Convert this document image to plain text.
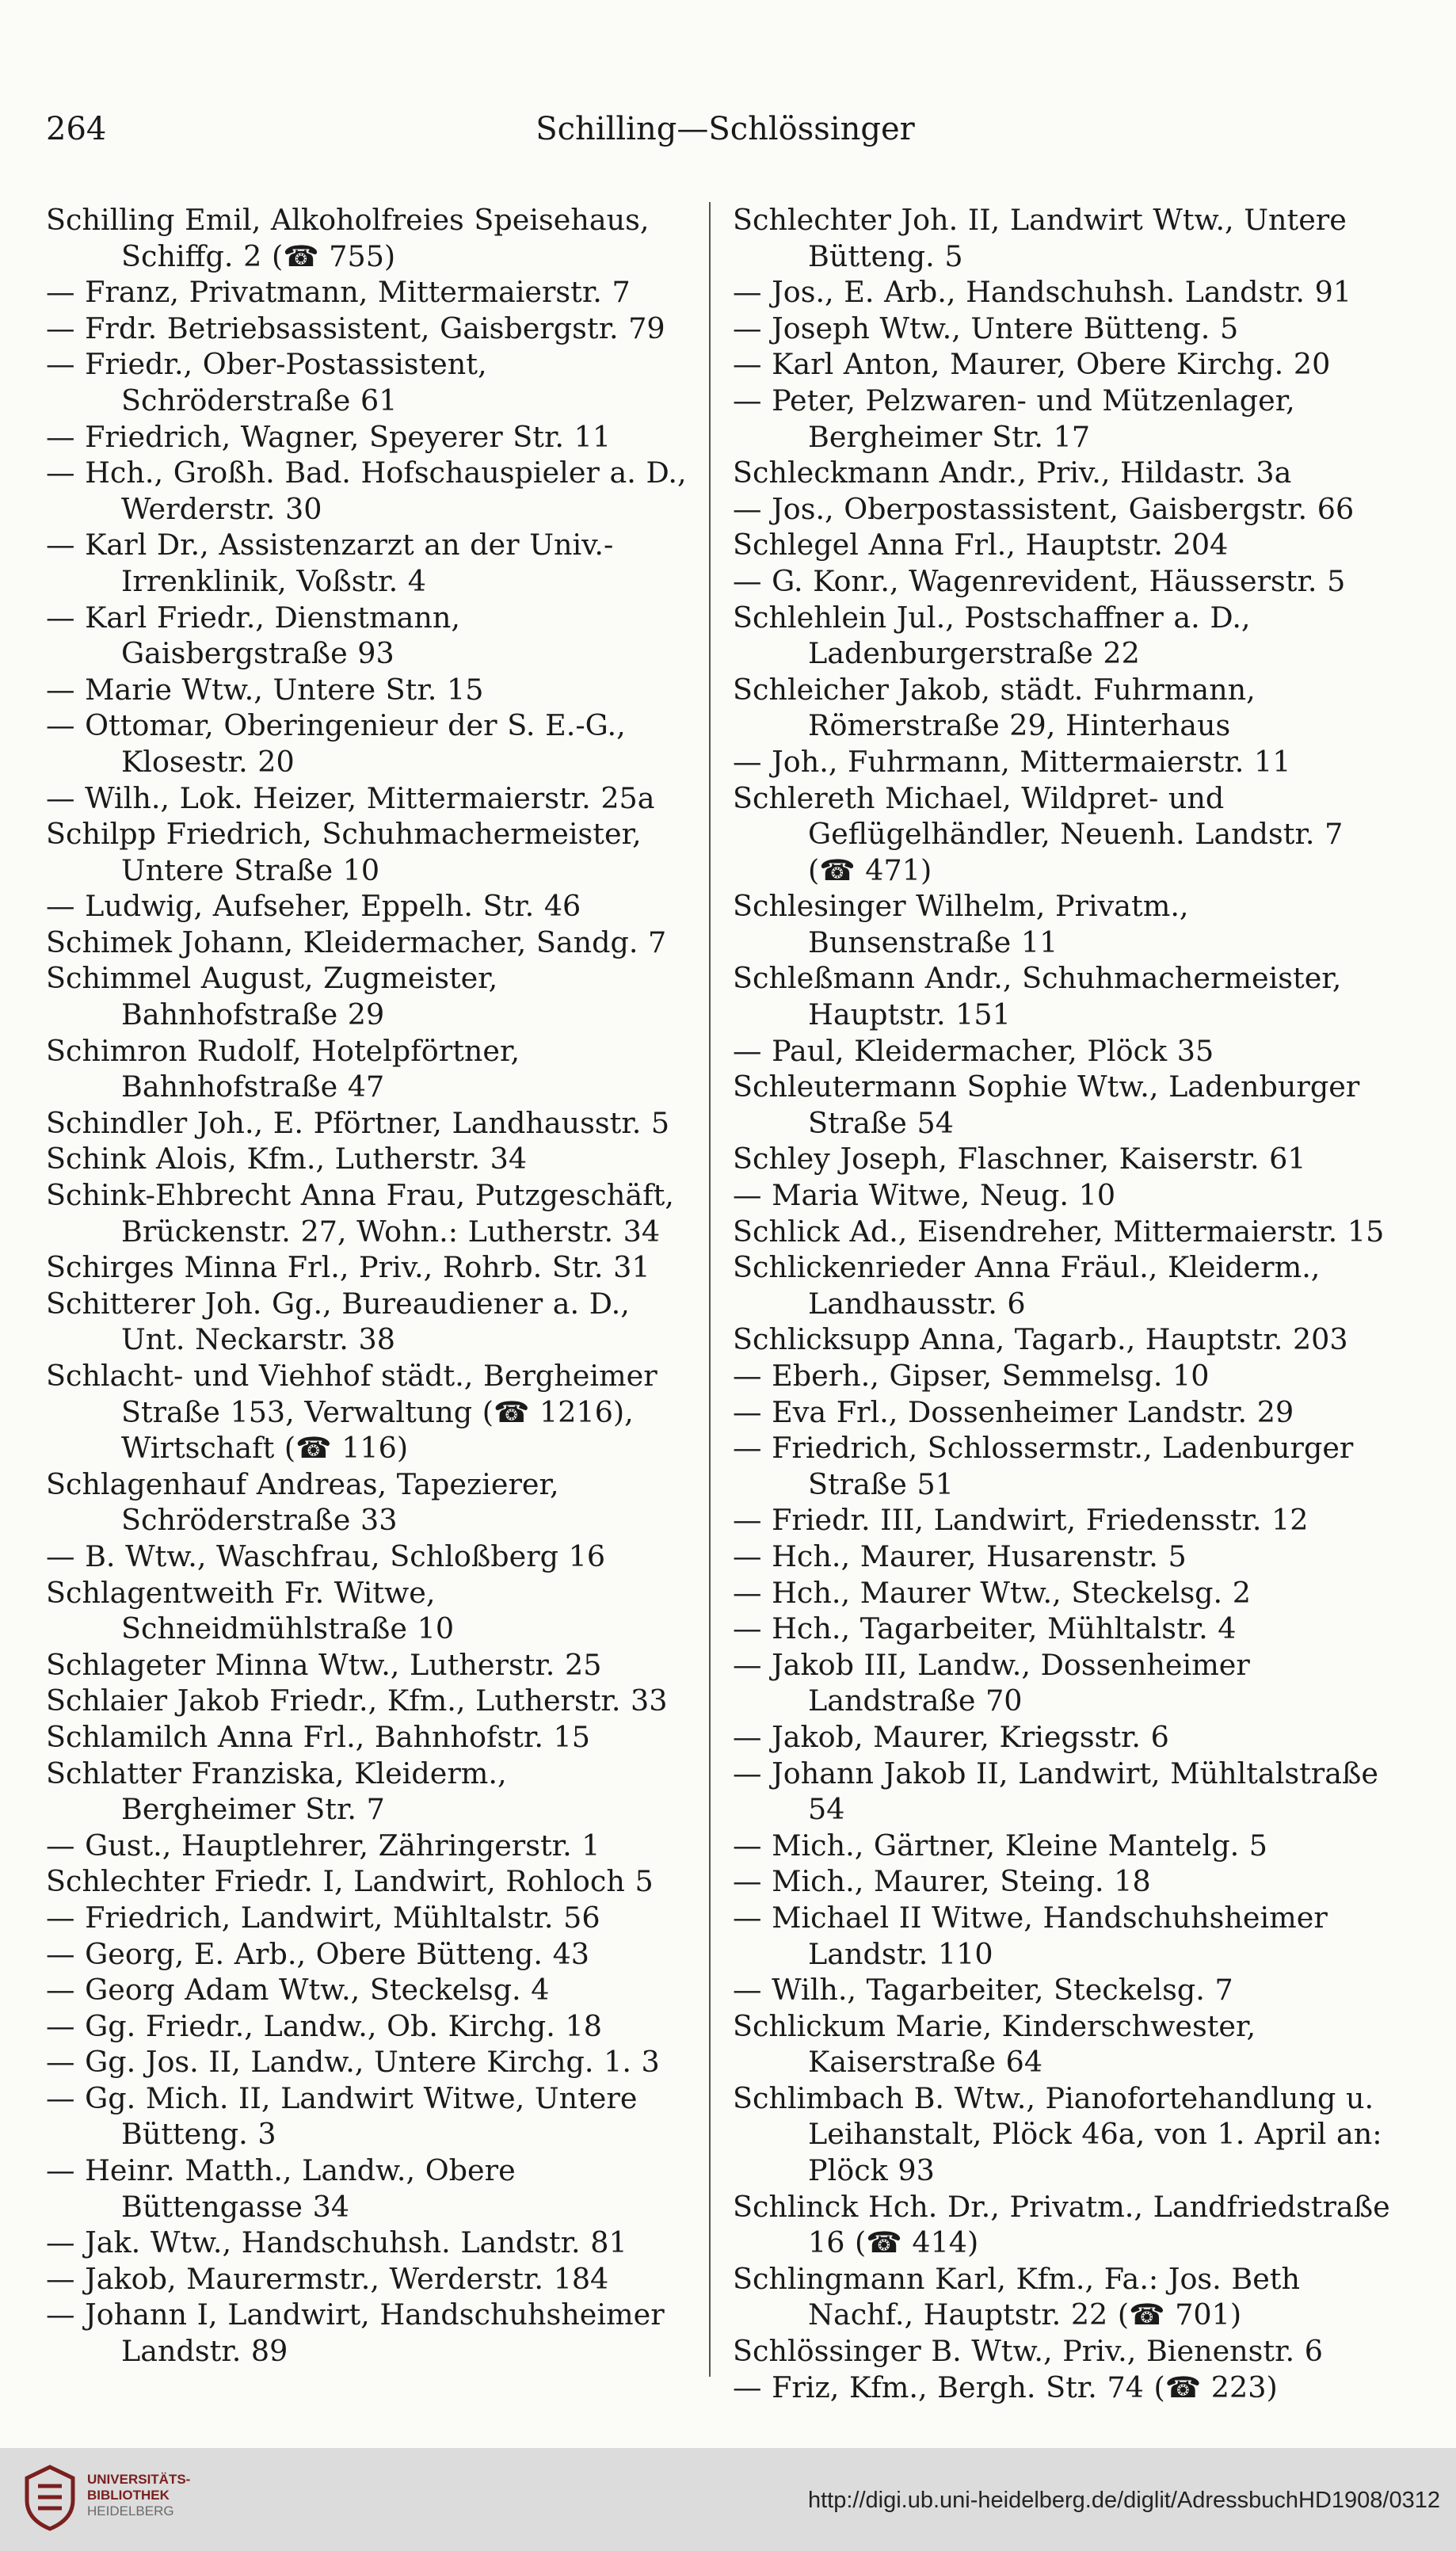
264	Schilling—Schlössinger
Schilling Emil, Alkoholfreies Speisehaus, Schiffg. 2 (☎ 755)
— Franz, Privatmann, Mittermaierstr. 7
— Frdr. Betriebsassistent, Gaisbergstr. 79
— Friedr., Ober-Postassistent, Schröderstraße 61
— Friedrich, Wagner, Speyerer Str. 11
— Hch., Großh. Bad. Hofschauspieler a. D., Werderstr. 30
— Karl Dr., Assistenzarzt an der Univ.-Irrenklinik, Voßstr. 4
— Karl Friedr., Dienstmann, Gaisbergstraße 93
— Marie Wtw., Untere Str. 15
— Ottomar, Oberingenieur der S. E.-G., Klosestr. 20
— Wilh., Lok. Heizer, Mittermaierstr. 25a
Schilpp Friedrich, Schuhmachermeister, Untere Straße 10
— Ludwig, Aufseher, Eppelh. Str. 46
Schimek Johann, Kleidermacher, Sandg. 7
Schimmel August, Zugmeister, Bahnhofstraße 29
Schimron Rudolf, Hotelpförtner, Bahnhofstraße 47
Schindler Joh., E. Pförtner, Landhausstr. 5
Schink Alois, Kfm., Lutherstr. 34
Schink-Ehbrecht Anna Frau, Putzgeschäft, Brückenstr. 27, Wohn.: Lutherstr. 34
Schirges Minna Frl., Priv., Rohrb. Str. 31
Schitterer Joh. Gg., Bureaudiener a. D., Unt. Neckarstr. 38
Schlacht- und Viehhof städt., Bergheimer Straße 153, Verwaltung (☎ 1216), Wirtschaft (☎ 116)
Schlagenhauf Andreas, Tapezierer, Schröderstraße 33
— B. Wtw., Waschfrau, Schloßberg 16
Schlagentweith Fr. Witwe, Schneidmühlstraße 10
Schlageter Minna Wtw., Lutherstr. 25
Schlaier Jakob Friedr., Kfm., Lutherstr. 33
Schlamilch Anna Frl., Bahnhofstr. 15
Schlatter Franziska, Kleiderm., Bergheimer Str. 7
— Gust., Hauptlehrer, Zähringerstr. 1
Schlechter Friedr. I, Landwirt, Rohloch 5
— Friedrich, Landwirt, Mühltalstr. 56
— Georg, E. Arb., Obere Bütteng. 43
— Georg Adam Wtw., Steckelsg. 4
— Gg. Friedr., Landw., Ob. Kirchg. 18
— Gg. Jos. II, Landw., Untere Kirchg. 1. 3
— Gg. Mich. II, Landwirt Witwe, Untere Bütteng. 3
— Heinr. Matth., Landw., Obere Büttengasse 34
— Jak. Wtw., Handschuhsh. Landstr. 81
— Jakob, Maurermstr., Werderstr. 184
— Johann I, Landwirt, Handschuhsheimer Landstr. 89
Schlechter Joh. II, Landwirt Wtw., Untere Bütteng. 5
— Jos., E. Arb., Handschuhsh. Landstr. 91
— Joseph Wtw., Untere Bütteng. 5
— Karl Anton, Maurer, Obere Kirchg. 20
— Peter, Pelzwaren- und Mützenlager, Bergheimer Str. 17
Schleckmann Andr., Priv., Hildastr. 3a
— Jos., Oberpostassistent, Gaisbergstr. 66
Schlegel Anna Frl., Hauptstr. 204
— G. Konr., Wagenrevident, Häusserstr. 5
Schlehlein Jul., Postschaffner a. D., Ladenburgerstraße 22
Schleicher Jakob, städt. Fuhrmann, Römerstraße 29, Hinterhaus
— Joh., Fuhrmann, Mittermaierstr. 11
Schlereth Michael, Wildpret- und Geflügelhändler, Neuenh. Landstr. 7 (☎ 471)
Schlesinger Wilhelm, Privatm., Bunsenstraße 11
Schleßmann Andr., Schuhmachermeister, Hauptstr. 151
— Paul, Kleidermacher, Plöck 35
Schleutermann Sophie Wtw., Ladenburger Straße 54
Schley Joseph, Flaschner, Kaiserstr. 61
— Maria Witwe, Neug. 10
Schlick Ad., Eisendreher, Mittermaierstr. 15
Schlickenrieder Anna Fräul., Kleiderm., Landhausstr. 6
Schlicksupp Anna, Tagarb., Hauptstr. 203
— Eberh., Gipser, Semmelsg. 10
— Eva Frl., Dossenheimer Landstr. 29
— Friedrich, Schlossermstr., Ladenburger Straße 51
— Friedr. III, Landwirt, Friedensstr. 12
— Hch., Maurer, Husarenstr. 5
— Hch., Maurer Wtw., Steckelsg. 2
— Hch., Tagarbeiter, Mühltalstr. 4
— Jakob III, Landw., Dossenheimer Landstraße 70
— Jakob, Maurer, Kriegsstr. 6
— Johann Jakob II, Landwirt, Mühltalstraße 54
— Mich., Gärtner, Kleine Mantelg. 5
— Mich., Maurer, Steing. 18
— Michael II Witwe, Handschuhsheimer Landstr. 110
— Wilh., Tagarbeiter, Steckelsg. 7
Schlickum Marie, Kinderschwester, Kaiserstraße 64
Schlimbach B. Wtw., Pianofortehandlung u. Leihanstalt, Plöck 46a, von 1. April an: Plöck 93
Schlinck Hch. Dr., Privatm., Landfriedstraße 16 (☎ 414)
Schlingmann Karl, Kfm., Fa.: Jos. Beth Nachf., Hauptstr. 22 (☎ 701)
Schlössinger B. Wtw., Priv., Bienenstr. 6
— Friz, Kfm., Bergh. Str. 74 (☎ 223)
UNIVERSITÄTS-
BIBLIOTHEK
HEIDELBERG	http://digi.ub.uni-heidelberg.de/diglit/AdressbuchHD1908/0312
